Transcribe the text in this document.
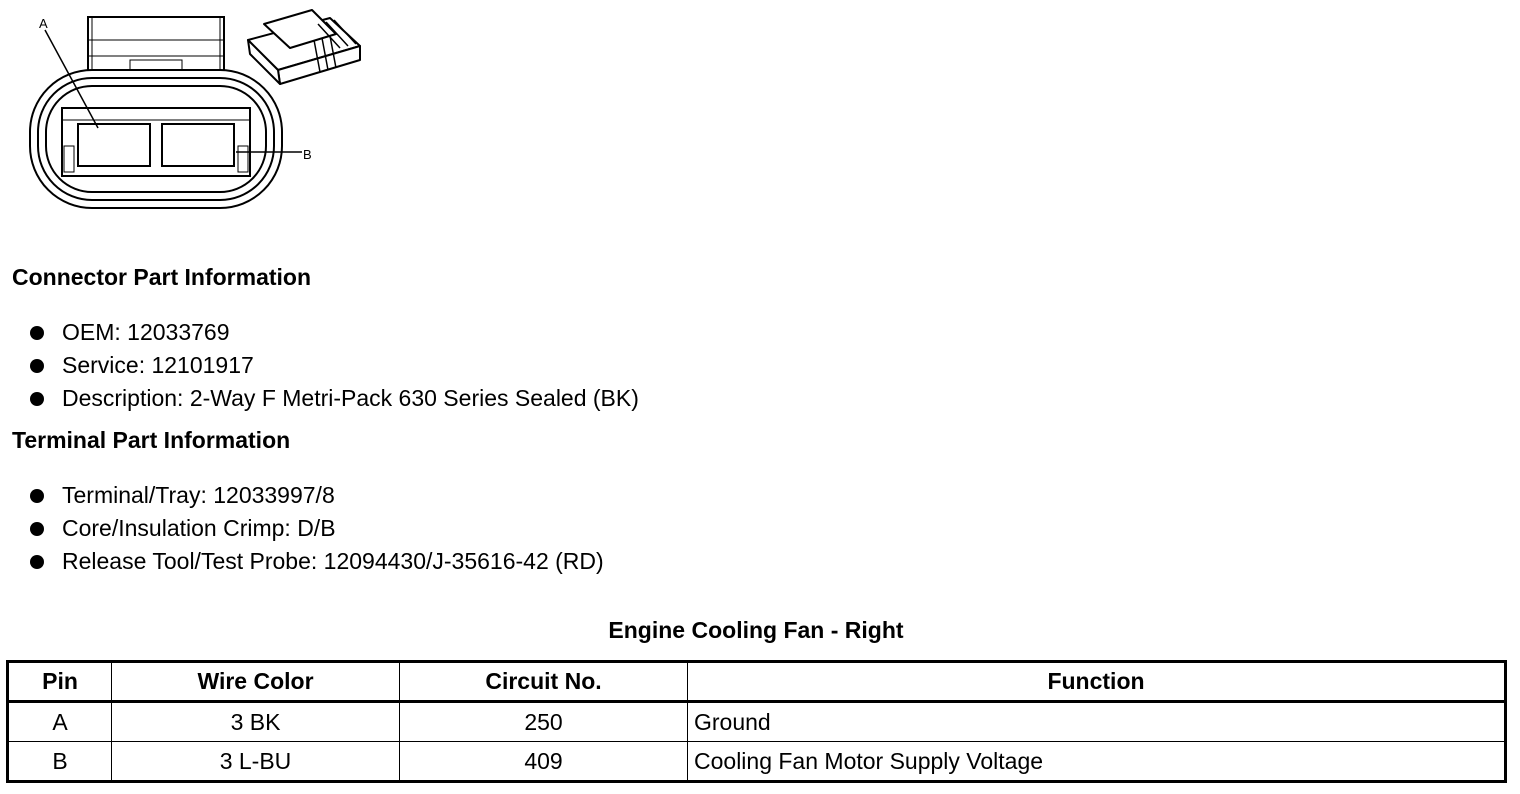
A
B
Connector Part Information
OEM: 12033769
Service: 12101917
Description: 2-Way F Metri-Pack 630 Series Sealed (BK)
Terminal Part Information
Terminal/Tray: 12033997/8
Core/Insulation Crimp: D/B
Release Tool/Test Probe: 12094430/J-35616-42 (RD)
Engine Cooling Fan - Right
Pin	Wire Color	Circuit No.	Function
A	3 BK	250	Ground
B	3 L-BU	409	Cooling Fan Motor Supply Voltage
